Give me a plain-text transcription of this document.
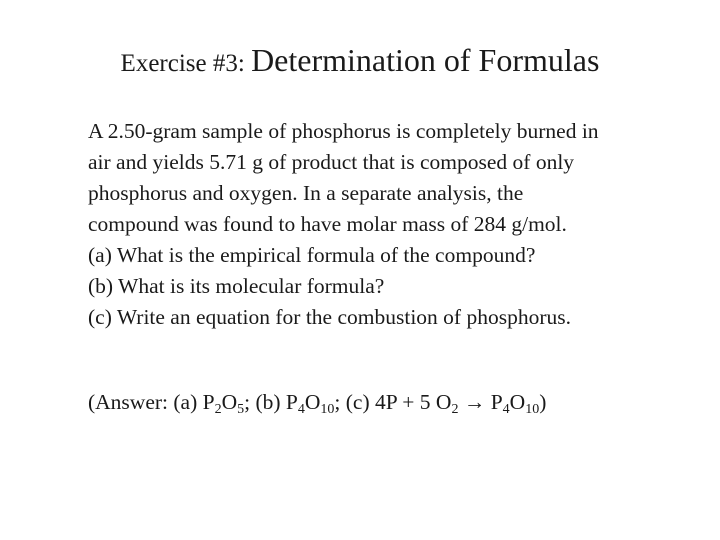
Exercise #3: Determination of Formulas

A 2.50-gram sample of phosphorus is completely burned in

air and yields 5.71 g of product that is composed of only

phosphorus and oxygen. In a separate analysis, the

compound was found to have molar mass of 284 g/mol.

(a) What is the empirical formula of the compound?

(b) What is its molecular formula?

(c) Write an equation for the combustion of phosphorus.

(Answer: (a) $P_2O_5$; (b) $P_4O_{10}$; (c) 4P + 5 $O_2 \to P_4O_{10}$)
